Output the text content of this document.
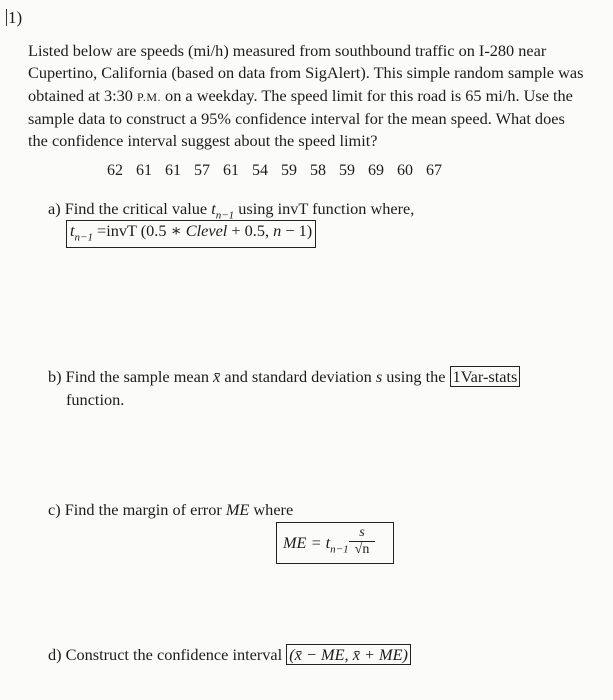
1)
Listed below are speeds (mi/h) measured from southbound traffic on I-280 near Cupertino, California (based on data from SigAlert). This simple random sample was obtained at 3:30 P.M. on a weekday. The speed limit for this road is 65 mi/h. Use the sample data to construct a 95% confidence interval for the mean speed. What does the confidence interval suggest about the speed limit?
62 61 61 57 61 54 59 58 59 69 60 67
a) Find the critical value $t_{n-1}$ using invT function where,
$t_{n-1}$ =invT (0.5 ∗ Clevel + 0.5, n − 1)
b) Find the sample mean x̄ and standard deviation s using the 1Var-stats
function.
c) Find the margin of error ME where
ME = $t_{n-1}$
s
√n
d) Construct the confidence interval (x̄ − ME, x̄ + ME)
